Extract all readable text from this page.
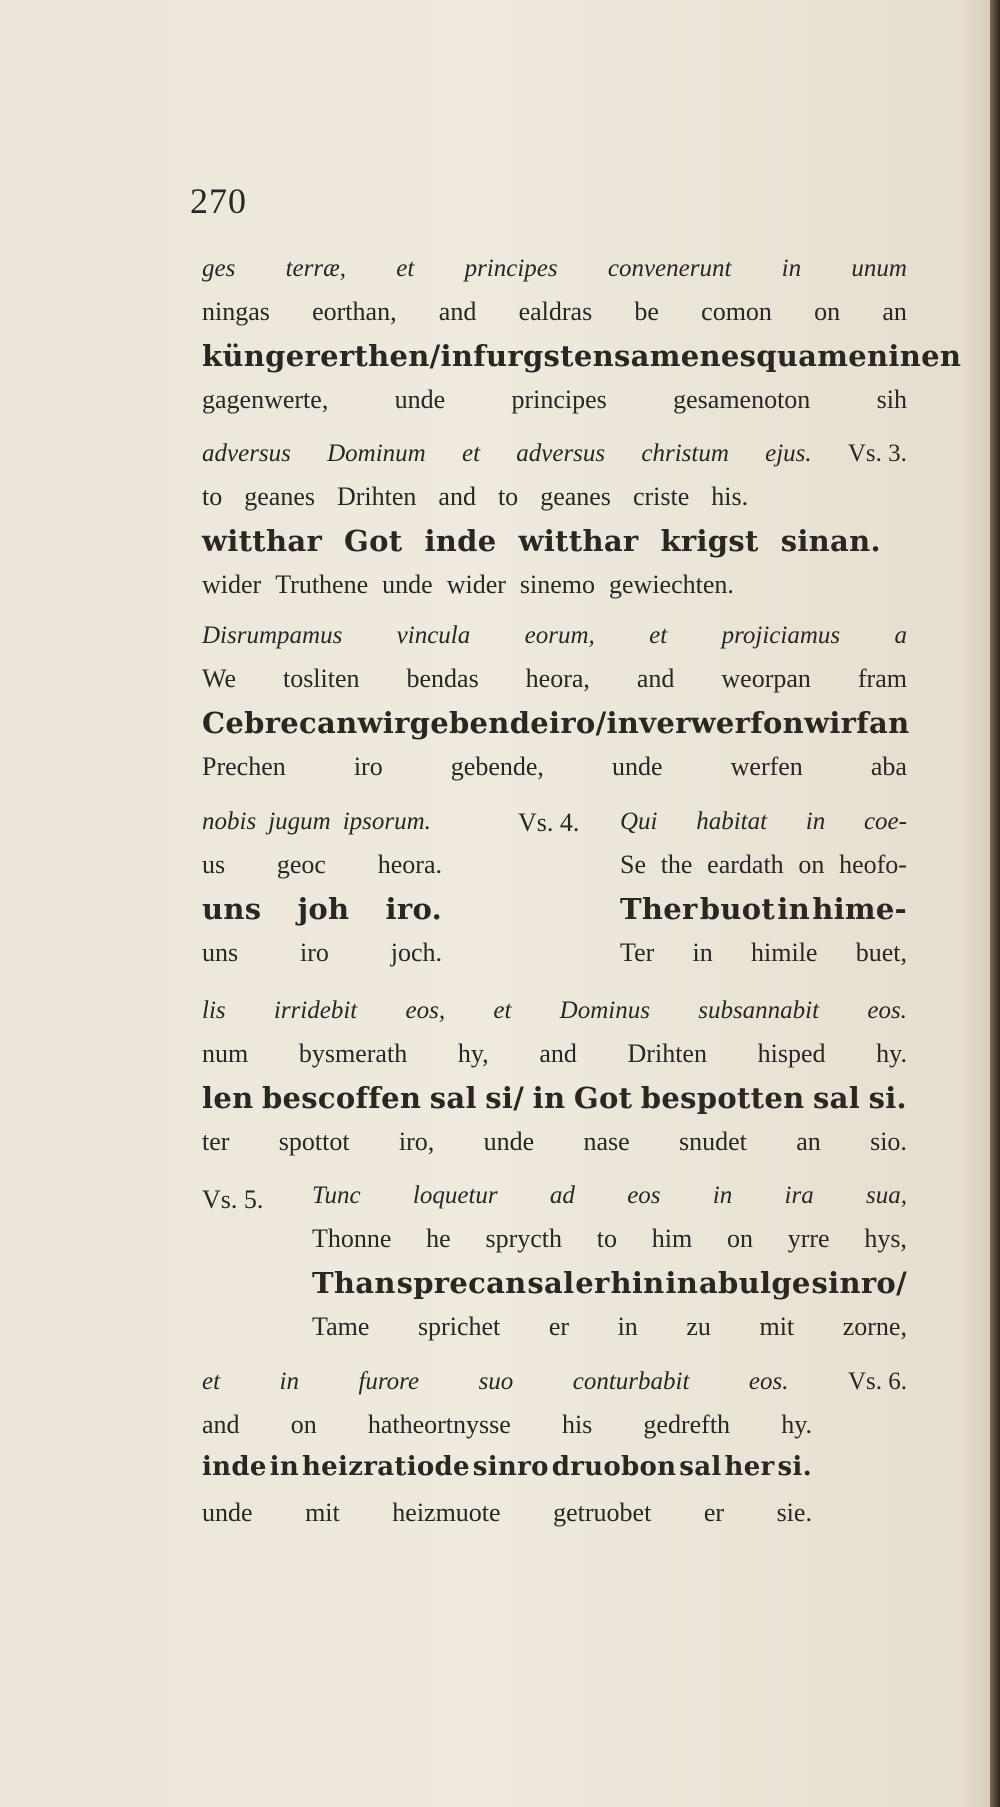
270
ges terræ, et principes convenerunt in unum
ningas eorthan, and ealdras be comon on an
künger erthen/ in furgsten samenes quamen in en
gagenwerte,	unde	principes	gesamenoton	sih
adversus Dominum et adversus christum ejus. Vs. 3.
to geanes Drihten and to geanes criste his.
witthar Got inde witthar krigst sinan.
wider Truthene unde wider sinemo gewiechten.
Disrumpamus vincula eorum, et projiciamus a
We tosliten bendas heora, and weorpan fram
Cebrecan wir gebende iro/ in verwerfon wir fan
Prechen	iro	gebende,	unde	werfen	aba
nobis jugum ipsorum.
us geoc heora.
uns joh iro.
uns iro joch.
Vs. 4. Qui habitat in coe-
Se the eardath on heofo-
Ther buot in hime-
Ter in himile buet,
lis irridebit eos, et Dominus subsannabit eos.
num bysmerath hy, and Drihten hisped hy.
len bescoffen sal si/ in Got bespotten sal si.
ter spottot iro, unde nase snudet an sio.
Vs. 5. Tunc loquetur ad eos in ira sua,
Thonne he sprycth to him on yrre hys,
Than sprecan sal er hin in abulge sinro/
Tame sprichet er in zu mit zorne,
et in furore suo conturbabit eos. Vs. 6.
and on hatheortnysse his gedrefth hy.
inde in heizratiode sinro druobon sal her si.
unde mit heizmuote getruobet er sie.
